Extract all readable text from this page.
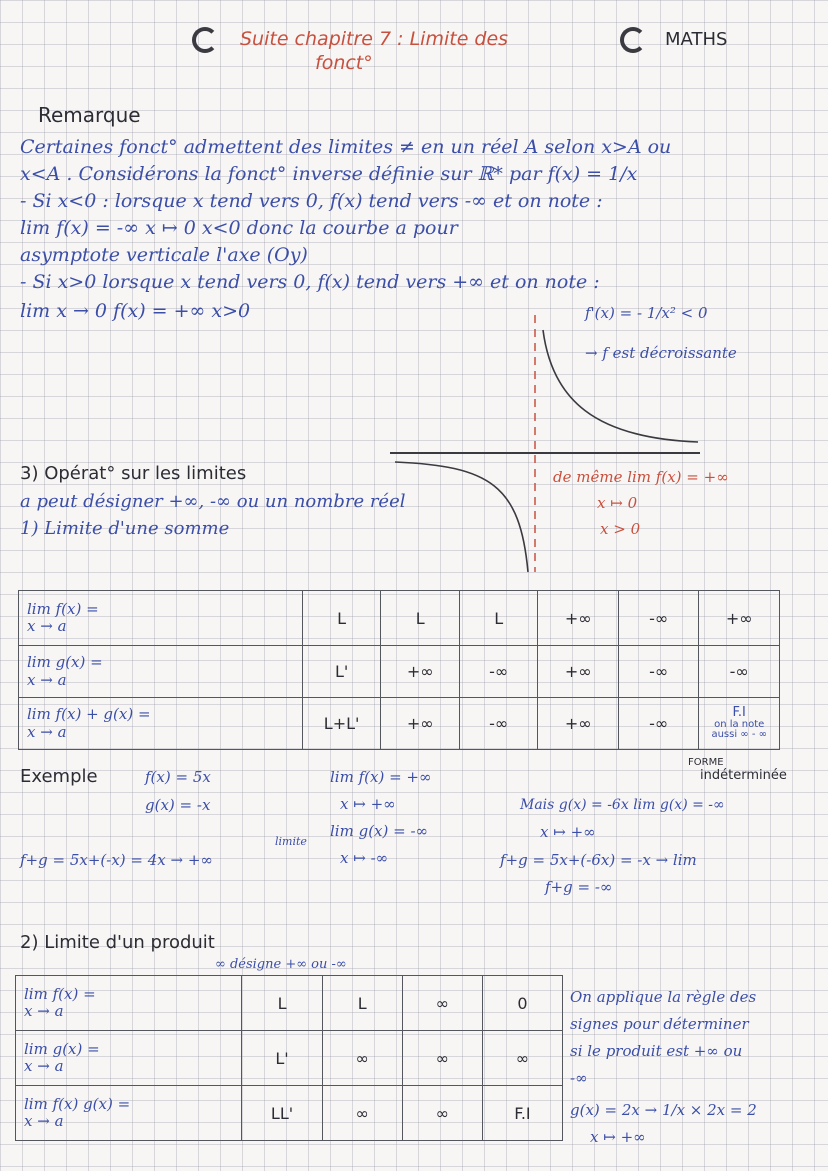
Suite chapitre 7 : Limite des
fonct°
MATHS
Remarque
Certaines fonct° admettent des limites ≠ en un réel A selon x>A ou
x<A . Considérons la fonct° inverse définie sur ℝ* par f(x) = 1/x
- Si x<0 : lorsque x tend vers 0, f(x) tend vers -∞ et on note :
lim f(x) = -∞ x ↦ 0 x<0 donc la courbe a pour
asymptote verticale l'axe (Oy)
- Si x>0 lorsque x tend vers 0, f(x) tend vers +∞ et on note :
lim x → 0 f(x) = +∞ x>0	f'(x) = - 1/x² < 0
→ f est décroissante
de même lim f(x) = +∞
x ↦ 0
x > 0
3) Opérat° sur les limites
a peut désigner +∞, -∞ ou un nombre réel
1) Limite d'une somme
lim f(x) =
x → a	L	L	L	+∞	-∞	+∞
lim g(x) =
x → a	L'	+∞	-∞	+∞	-∞	-∞
lim f(x) + g(x) =
x → a	L+L'	+∞	-∞	+∞	-∞	F.I
on la note
aussi ∞ - ∞
FORME
indéterminée
Exemple	f(x) = 5x
g(x) = -x
lim f(x) = +∞
x ↦ +∞
lim g(x) = -∞
x ↦ -∞
limite
f+g = 5x+(-x) = 4x → +∞
Mais g(x) = -6x lim g(x) = -∞
x ↦ +∞
f+g = 5x+(-6x) = -x → lim
f+g = -∞
2) Limite d'un produit
∞ désigne +∞ ou -∞
lim f(x) =
x → a	L	L	∞	0
lim g(x) =
x → a	L'	∞	∞	∞
lim f(x) g(x) =
x → a	LL'	∞	∞	F.I
On applique la règle des
signes pour déterminer
si le produit est +∞ ou
-∞
g(x) = 2x → 1/x × 2x = 2
x ↦ +∞
